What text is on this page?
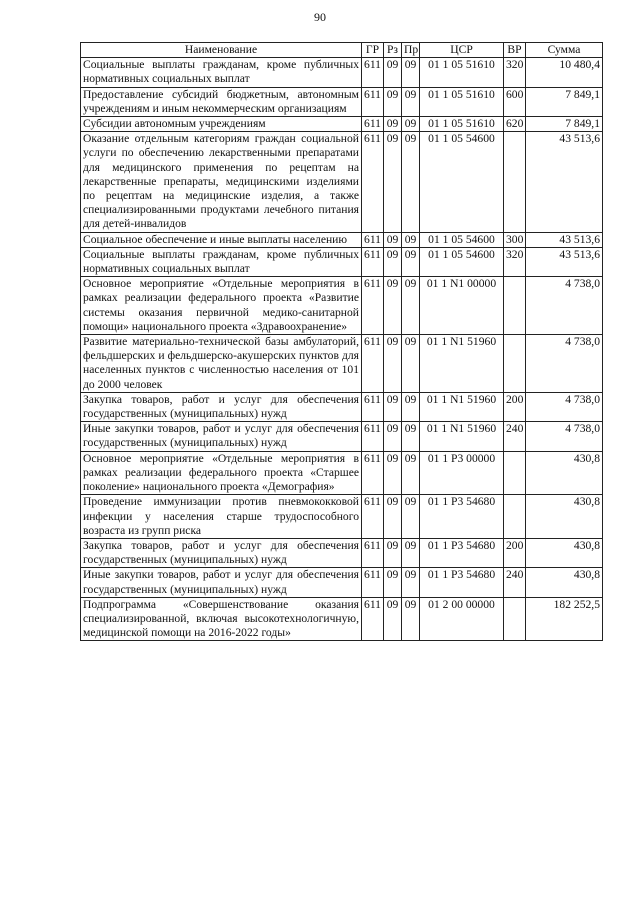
90
Наименование	ГР	Рз	Пр	ЦСР	ВР	Сумма
Социальные выплаты гражданам, кроме публичных нормативных социальных выплат	611	09	09	01 1 05 51610	320	10 480,4
Предоставление субсидий бюджетным, автономным учреждениям и иным некоммерческим организациям	611	09	09	01 1 05 51610	600	7 849,1
Субсидии автономным учреждениям	611	09	09	01 1 05 51610	620	7 849,1
Оказание отдельным категориям граждан социальной услуги по обеспечению лекарственными препаратами для медицинского применения по рецептам на лекарственные препараты, медицинскими изделиями по рецептам на медицинские изделия, а также специализированными продуктами лечебного питания для детей-инвалидов	611	09	09	01 1 05 54600		43 513,6
Социальное обеспечение и иные выплаты населению	611	09	09	01 1 05 54600	300	43 513,6
Социальные выплаты гражданам, кроме публичных нормативных социальных выплат	611	09	09	01 1 05 54600	320	43 513,6
Основное мероприятие «Отдельные мероприятия в рамках реализации федерального проекта «Развитие системы оказания первичной медико-санитарной помощи» национального проекта «Здравоохранение»	611	09	09	01 1 N1 00000		4 738,0
Развитие материально-технической базы амбулаторий, фельдшерских и фельдшерско-акушерских пунктов для населенных пунктов с численностью населения от 101 до 2000 человек	611	09	09	01 1 N1 51960		4 738,0
Закупка товаров, работ и услуг для обеспечения государственных (муниципальных) нужд	611	09	09	01 1 N1 51960	200	4 738,0
Иные закупки товаров, работ и услуг для обеспечения государственных (муниципальных) нужд	611	09	09	01 1 N1 51960	240	4 738,0
Основное мероприятие «Отдельные мероприятия в рамках реализации федерального проекта «Старшее поколение» национального проекта «Демография»	611	09	09	01 1 P3 00000		430,8
Проведение иммунизации против пневмококковой инфекции у населения старше трудоспособного возраста из групп риска	611	09	09	01 1 P3 54680		430,8
Закупка товаров, работ и услуг для обеспечения государственных (муниципальных) нужд	611	09	09	01 1 P3 54680	200	430,8
Иные закупки товаров, работ и услуг для обеспечения государственных (муниципальных) нужд	611	09	09	01 1 P3 54680	240	430,8
Подпрограмма «Совершенствование оказания специализированной, включая высокотехнологичную, медицинской помощи на 2016-2022 годы»	611	09	09	01 2 00 00000		182 252,5
